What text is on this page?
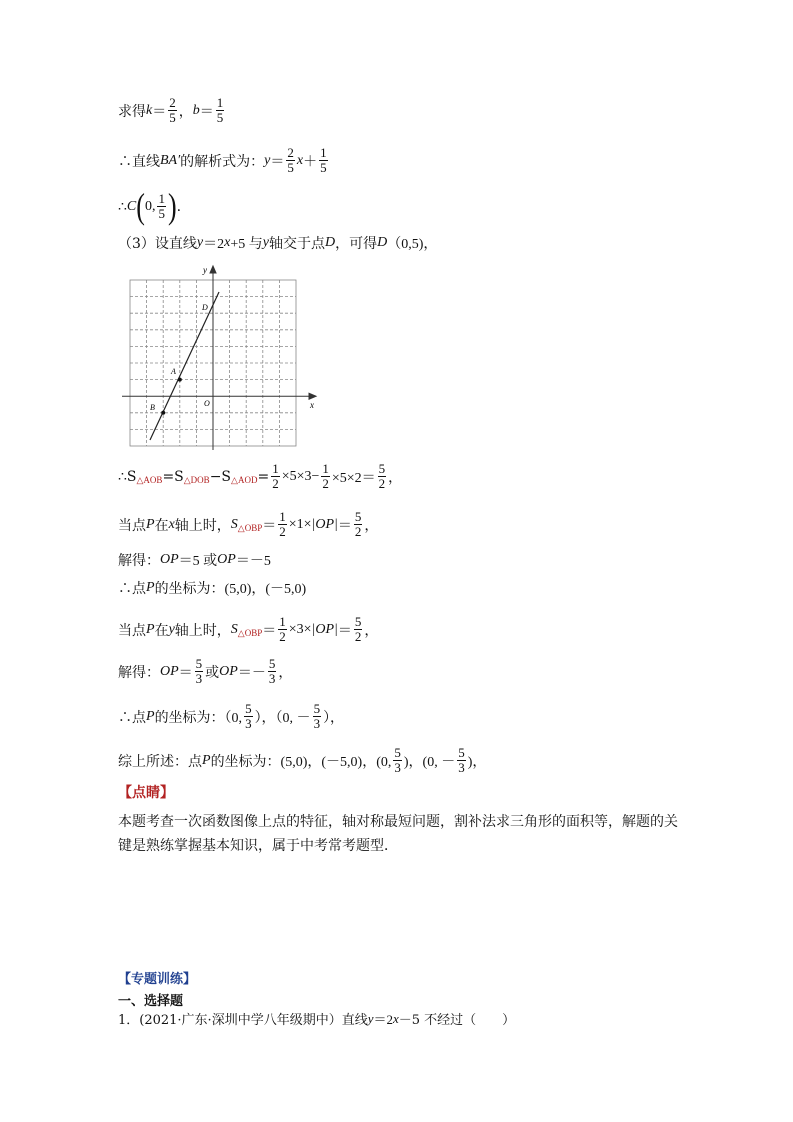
求得 $k = \frac{2}{5}$ ， $b = \frac{1}{5}$
∴直线 BA′ 的解析式为： $y = \frac{2}{5}$ $x + \frac{1}{5}$
∴ C ( 0, $\frac{1}{5}$ ) .
（3）设直线 y ＝2 x +5 与 y 轴交于点 D ，可得 D （0,5)，
y
x
D
A
B	O
∴S △AOB =S △DOB −S △AOD = $\frac{1}{2} \times 5\times 3- \frac{1}{2} \times 5\times 2= \frac{5}{2}$ ，
当点 P 在 x 轴上时， S △OBP ＝ $\frac{1}{2} \times 1\times |OP| = \frac{5}{2}$ ，
解得： OP ＝5 或 OP ＝－5
∴点 P 的坐标为：(5,0)，(－5,0)
当点 P 在 y 轴上时， S △OBP ＝ $\frac{1}{2} \times 3\times |OP| = \frac{5}{2}$ ，
解得： OP ＝ $\frac{5}{3}$ 或 OP ＝－ $\frac{5}{3}$ ，
∴点 P 的坐标为：（0, $\frac{5}{3}$ ），（0, － $\frac{5}{3}$ ），
综上所述：点 P 的坐标为：(5,0)，(－5,0)，(0, $\frac{5}{3}$ )，(0, － $\frac{5}{3}$ )，
【点睛】
本题考查一次函数图像上点的特征，轴对称最短问题，割补法求三角形的面积等，解题的关键是熟练掌握基本知识，属于中考常考题型．
【专题训练】
一、选择题
1．(2021·广东·深圳中学八年级期中）直线 y ＝2 x －5 不经过（　　）
